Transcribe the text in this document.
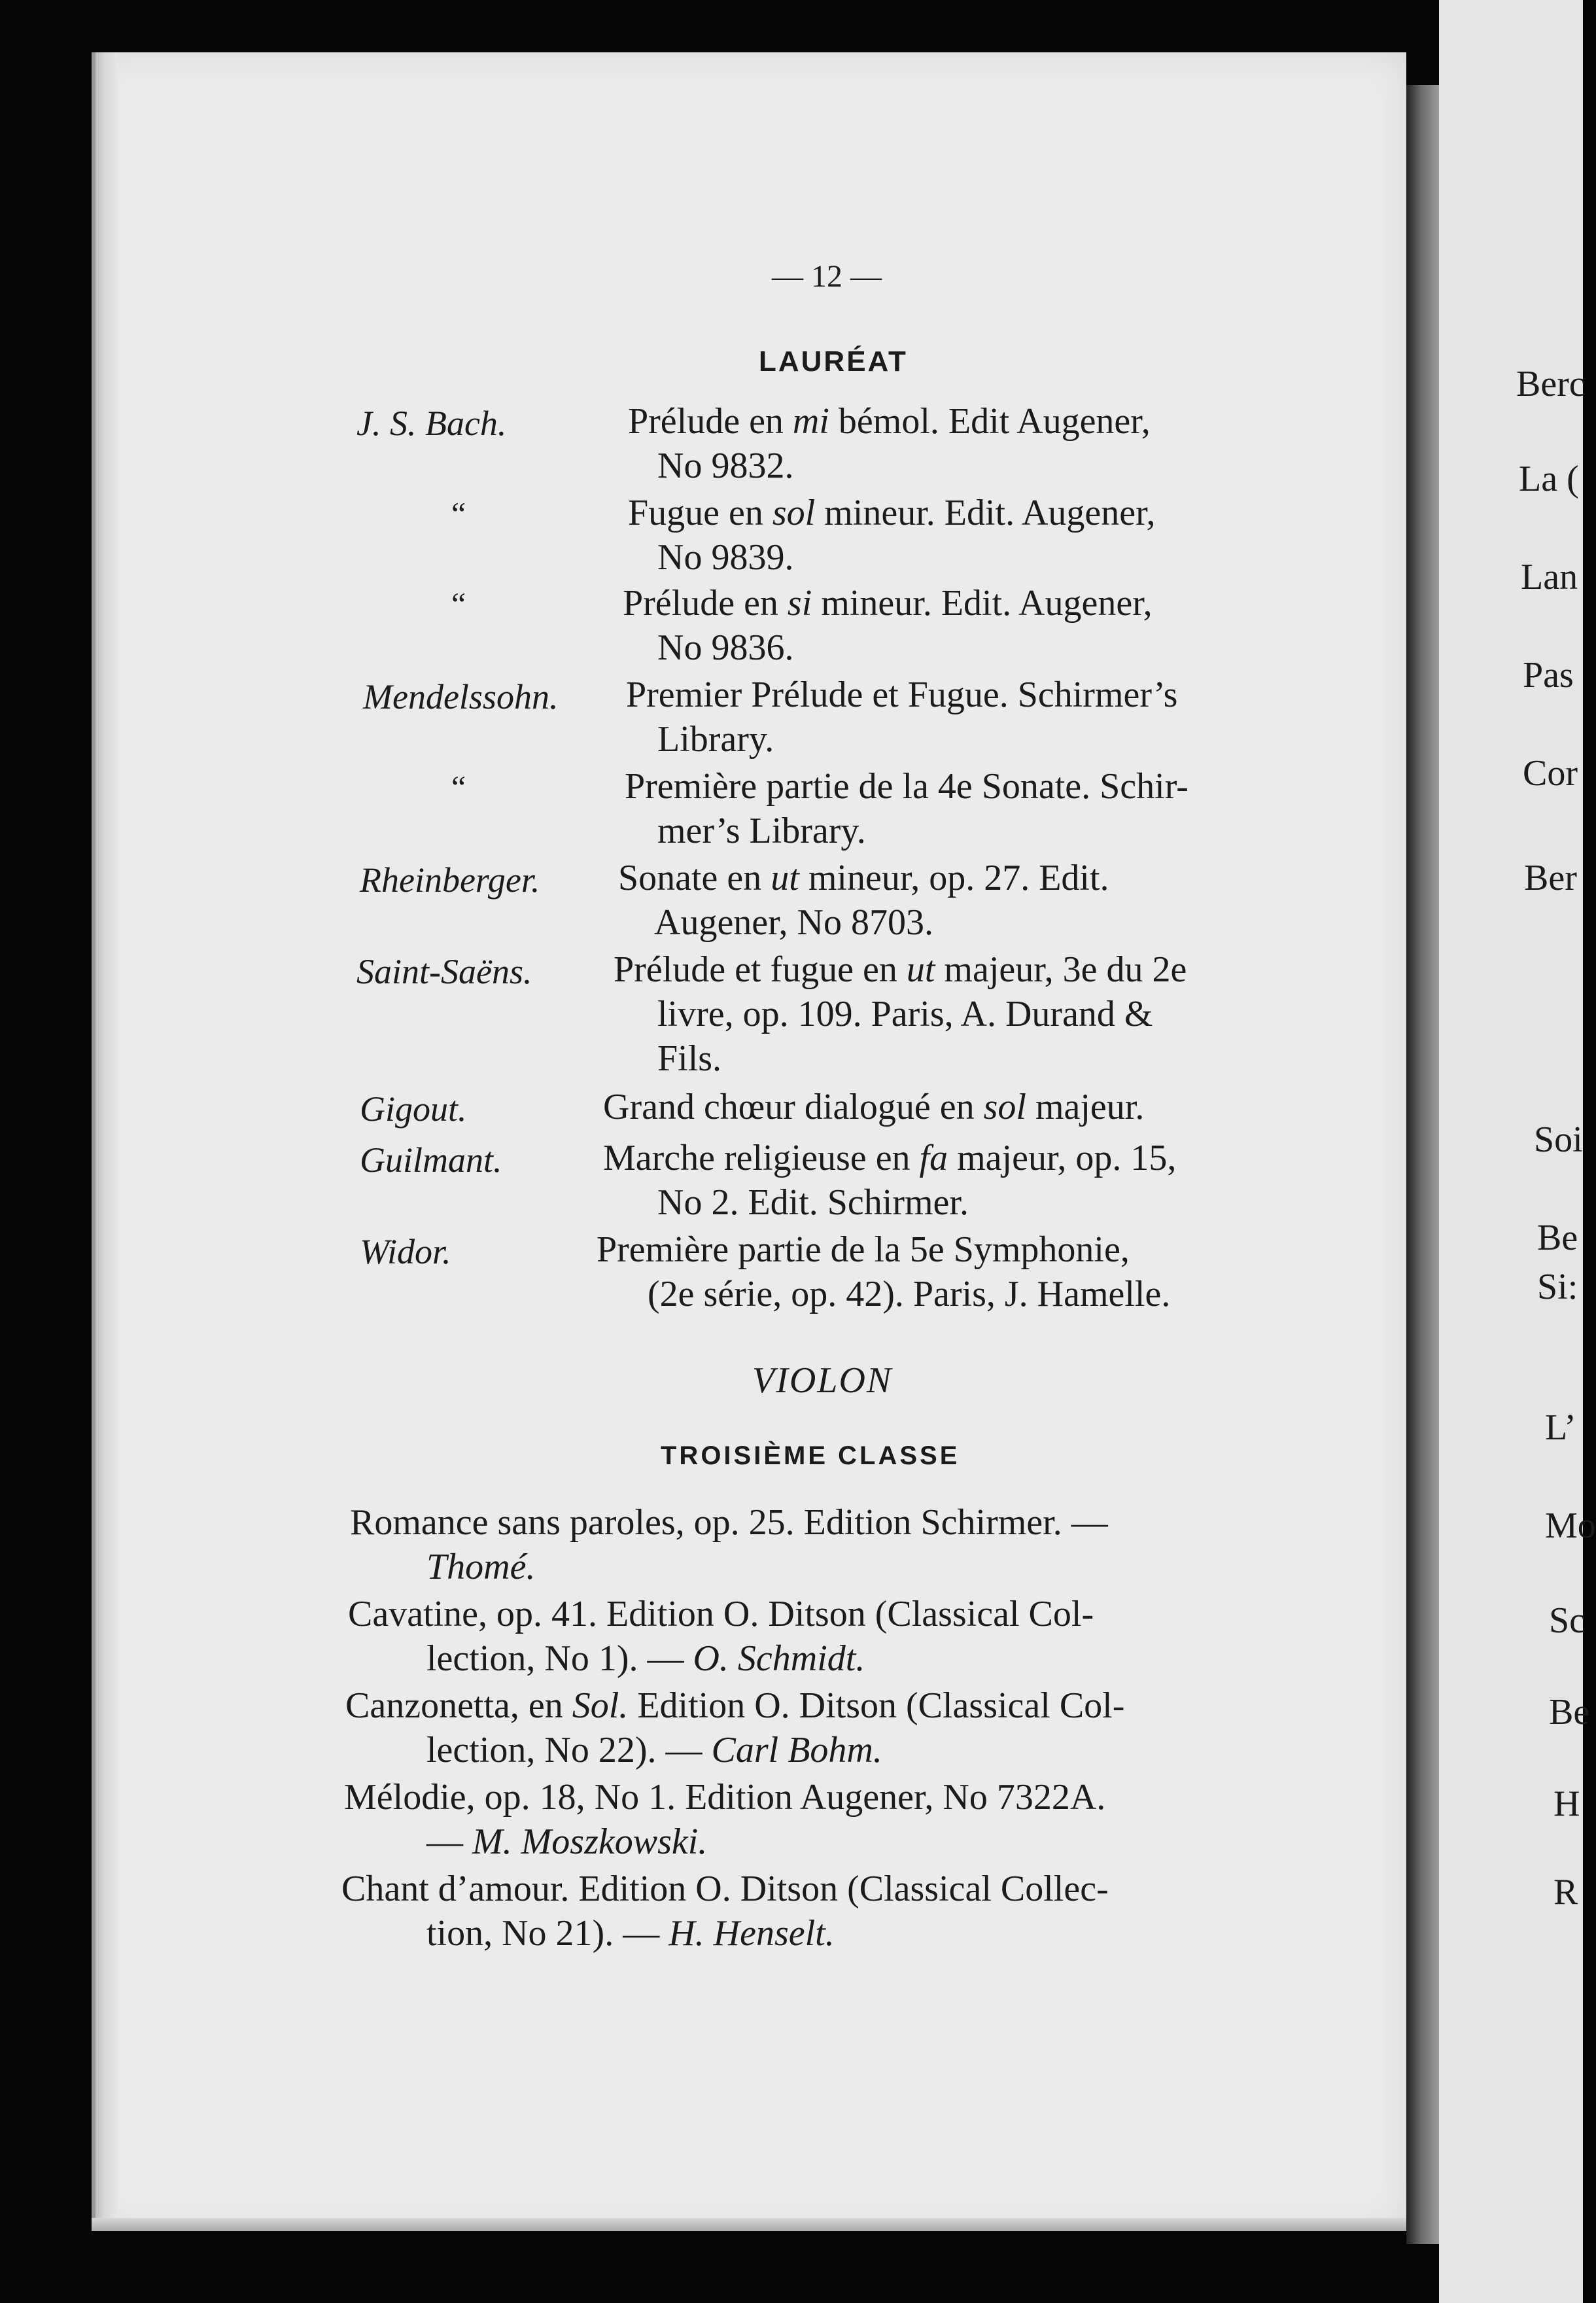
— 12 —
LAURÉAT
J. S. Bach.	Prélude en mi bémol. Edit Augener,
No 9832.
“	Fugue en sol mineur. Edit. Augener,
No 9839.
“	Prélude en si mineur. Edit. Augener,
No 9836.
Mendelssohn. Premier Prélude et Fugue. Schirmer’s
Library.
“	Première partie de la 4e Sonate. Schir-
mer’s Library.
Rheinberger. Sonate en ut mineur, op. 27. Edit.
Augener, No 8703.
Saint-Saëns. Prélude et fugue en ut majeur, 3e du 2e
livre, op. 109. Paris, A. Durand &
Fils.
Gigout.	Grand chœur dialogué en sol majeur.
Guilmant.	Marche religieuse en fa majeur, op. 15,
No 2. Edit. Schirmer.
Widor.	Première partie de la 5e Symphonie,
(2e série, op. 42). Paris, J. Hamelle.
VIOLON
TROISIÈME CLASSE
Romance sans paroles, op. 25. Edition Schirmer. —
Thomé.
Cavatine, op. 41. Edition O. Ditson (Classical Col-
lection, No 1). — O. Schmidt.
Canzonetta, en Sol. Edition O. Ditson (Classical Col-
lection, No 22). — Carl Bohm.
Mélodie, op. 18, No 1. Edition Augener, No 7322A.
— M. Moszkowski.
Chant d’amour. Edition O. Ditson (Classical Collec-
tion, No 21). — H. Henselt.
Berc
La (
Lan
Pas
Cor
Ber
Soi
Be
Si:
L’
Mo
Sc
Be
H
R
